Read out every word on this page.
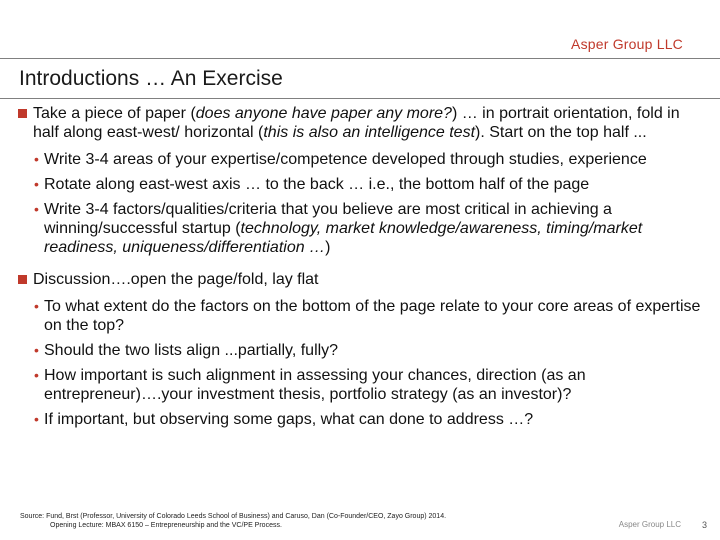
Asper Group LLC
Introductions … An Exercise
Take a piece of paper (does anyone have paper any more?) … in portrait orientation, fold in half along east-west/ horizontal (this is also an intelligence test). Start on the top half ...
• Write 3-4 areas of your expertise/competence developed through studies, experience
• Rotate along east-west axis … to the back … i.e., the bottom half of the page
• Write 3-4 factors/qualities/criteria that you believe are most critical in achieving a winning/successful startup (technology, market knowledge/awareness, timing/market readiness, uniqueness/differentiation …)
Discussion….open the page/fold, lay flat
• To what extent do the factors on the bottom of the page relate to your core areas of expertise on the top?
• Should the two lists align ...partially, fully?
• How important is such alignment in assessing your chances, direction (as an entrepreneur)….your investment thesis, portfolio strategy (as an investor)?
• If important, but observing some gaps, what can done to address …?
Source: Fund, Brst (Professor, University of Colorado Leeds School of Business) and Caruso, Dan (Co-Founder/CEO, Zayo Group) 2014.
Opening Lecture: MBAX 6150 – Entrepreneurship and the VC/PE Process.	Asper Group LLC 3
